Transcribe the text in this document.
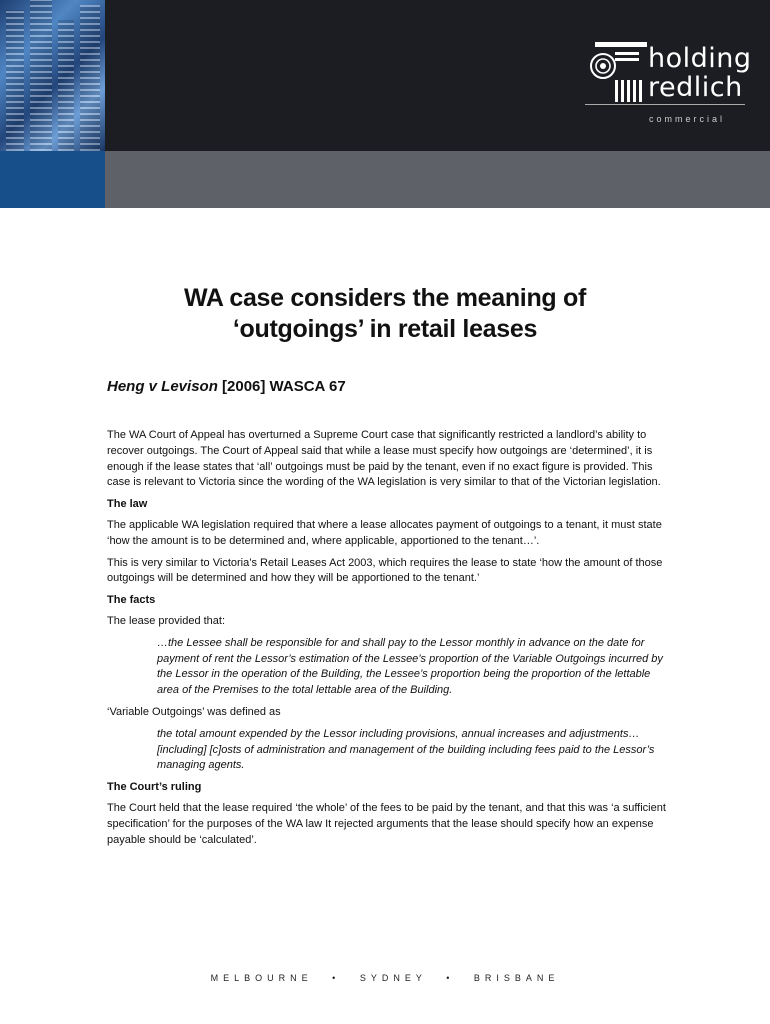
holding
redlich
commercial
WA case considers the meaning of
‘outgoings’ in retail leases

Heng v Levison [2006] WASCA 67

The WA Court of Appeal has overturned a Supreme Court case that significantly restricted a landlord’s ability to recover outgoings. The Court of Appeal said that while a lease must specify how outgoings are ‘determined’, it is enough if the lease states that ‘all’ outgoings must be paid by the tenant, even if no exact figure is provided. This case is relevant to Victoria since the wording of the WA legislation is very similar to that of the Victorian legislation.

The law

The applicable WA legislation required that where a lease allocates payment of outgoings to a tenant, it must state ‘how the amount is to be determined and, where applicable, apportioned to the tenant…’.

This is very similar to Victoria’s Retail Leases Act 2003, which requires the lease to state ‘how the amount of those outgoings will be determined and how they will be apportioned to the tenant.’

The facts

The lease provided that:

…the Lessee shall be responsible for and shall pay to the Lessor monthly in advance on the date for payment of rent the Lessor’s estimation of the Lessee’s proportion of the Variable Outgoings incurred by the Lessor in the operation of the Building, the Lessee’s proportion being the proportion of the lettable area of the Premises to the total lettable area of the Building.

‘Variable Outgoings’ was defined as

the total amount expended by the Lessor including provisions, annual increases and adjustments…[including] [c]osts of administration and management of the building including fees paid to the Lessor’s managing agents.
The Court’s ruling

The Court held that the lease required ‘the whole’ of the fees to be paid by the tenant, and that this was ‘a sufficient specification’ for the purposes of the WA law It rejected arguments that the lease should specify how an expense payable should be ‘calculated’.

MELBOURNE • SYDNEY • BRISBANE
